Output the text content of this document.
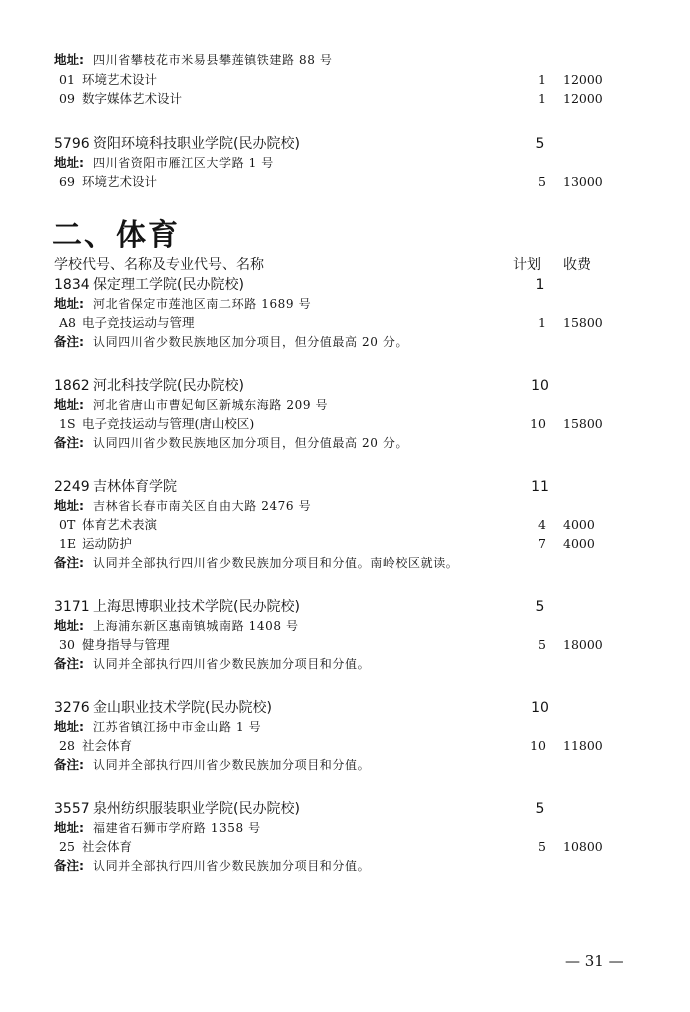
地址: 四川省攀枝花市米易县攀莲镇铁建路 88 号
01 环境艺术设计	1 12000
09 数字媒体艺术设计	1 12000
5796 资阳环境科技职业学院(民办院校)	5
地址: 四川省资阳市雁江区大学路 1 号
69 环境艺术设计	5 13000
二、体育
学校代号、名称及专业代号、名称	计划 收费
1834 保定理工学院(民办院校)	1
地址: 河北省保定市莲池区南二环路 1689 号
A8 电子竞技运动与管理	1 15800
备注: 认同四川省少数民族地区加分项目，但分值最高 20 分。
1862 河北科技学院(民办院校)	10
地址: 河北省唐山市曹妃甸区新城东海路 209 号
1S 电子竞技运动与管理(唐山校区)	10 15800
备注: 认同四川省少数民族地区加分项目，但分值最高 20 分。
2249 吉林体育学院	11
地址: 吉林省长春市南关区自由大路 2476 号
0T 体育艺术表演	4 4000
1E 运动防护	7 4000
备注: 认同并全部执行四川省少数民族加分项目和分值。南岭校区就读。
3171 上海思博职业技术学院(民办院校)	5
地址: 上海浦东新区惠南镇城南路 1408 号
30 健身指导与管理	5 18000
备注: 认同并全部执行四川省少数民族加分项目和分值。
3276 金山职业技术学院(民办院校)	10
地址: 江苏省镇江扬中市金山路 1 号
28 社会体育	10 11800
备注: 认同并全部执行四川省少数民族加分项目和分值。
3557 泉州纺织服装职业学院(民办院校)	5
地址: 福建省石狮市学府路 1358 号
25 社会体育	5 10800
备注: 认同并全部执行四川省少数民族加分项目和分值。
— 31 —
